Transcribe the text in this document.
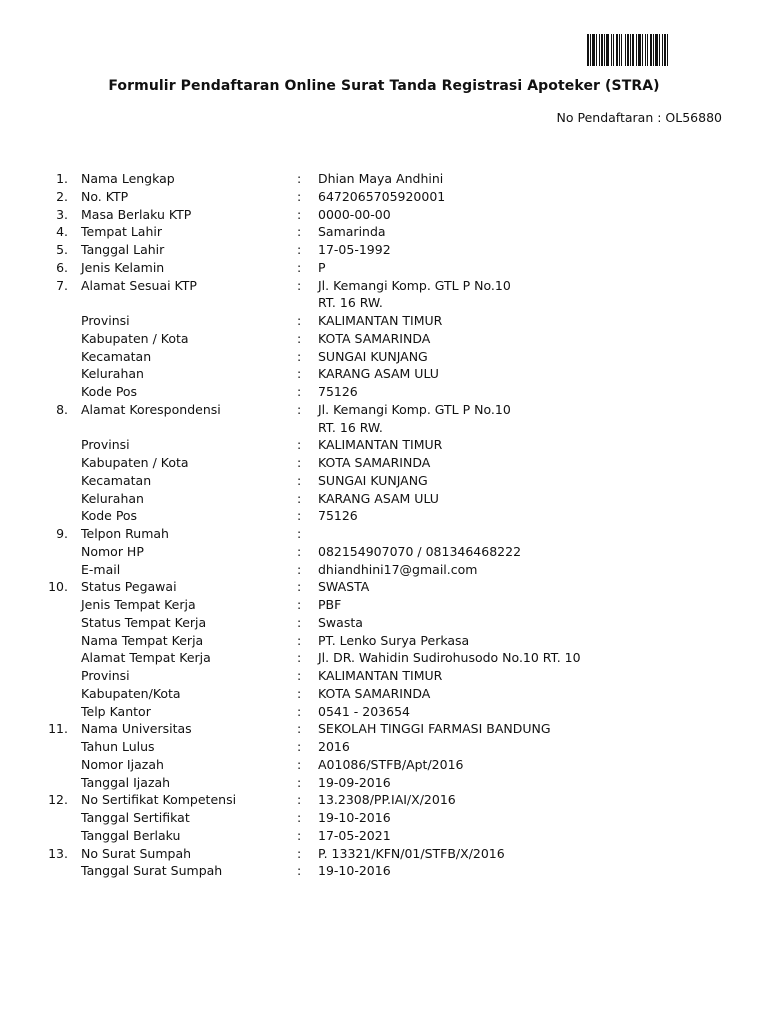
Formulir Pendaftaran Online Surat Tanda Registrasi Apoteker (STRA)
No Pendaftaran : OL56880
1. Nama Lengkap	: Dhian Maya Andhini
2. No. KTP	: 6472065705920001
3. Masa Berlaku KTP	: 0000-00-00
4. Tempat Lahir	: Samarinda
5. Tanggal Lahir	: 17-05-1992
6. Jenis Kelamin	: P
7. Alamat Sesuai KTP	: Jl. Kemangi Komp. GTL P No.10
RT. 16 RW.
Provinsi	: KALIMANTAN TIMUR
Kabupaten / Kota	: KOTA SAMARINDA
Kecamatan	: SUNGAI KUNJANG
Kelurahan	: KARANG ASAM ULU
Kode Pos	: 75126
8. Alamat Korespondensi	: Jl. Kemangi Komp. GTL P No.10
RT. 16 RW.
Provinsi	: KALIMANTAN TIMUR
Kabupaten / Kota	: KOTA SAMARINDA
Kecamatan	: SUNGAI KUNJANG
Kelurahan	: KARANG ASAM ULU
Kode Pos	: 75126
9. Telpon Rumah	:
Nomor HP	: 082154907070 / 081346468222
E-mail	: dhiandhini17@gmail.com
10. Status Pegawai	: SWASTA
Jenis Tempat Kerja	: PBF
Status Tempat Kerja	: Swasta
Nama Tempat Kerja	: PT. Lenko Surya Perkasa
Alamat Tempat Kerja	: Jl. DR. Wahidin Sudirohusodo No.10 RT. 10
Provinsi	: KALIMANTAN TIMUR
Kabupaten/Kota	: KOTA SAMARINDA
Telp Kantor	: 0541 - 203654
11. Nama Universitas	: SEKOLAH TINGGI FARMASI BANDUNG
Tahun Lulus	: 2016
Nomor Ijazah	: A01086/STFB/Apt/2016
Tanggal Ijazah	: 19-09-2016
12. No Sertifikat Kompetensi	: 13.2308/PP.IAI/X/2016
Tanggal Sertifikat	: 19-10-2016
Tanggal Berlaku	: 17-05-2021
13. No Surat Sumpah	: P. 13321/KFN/01/STFB/X/2016
Tanggal Surat Sumpah	: 19-10-2016
